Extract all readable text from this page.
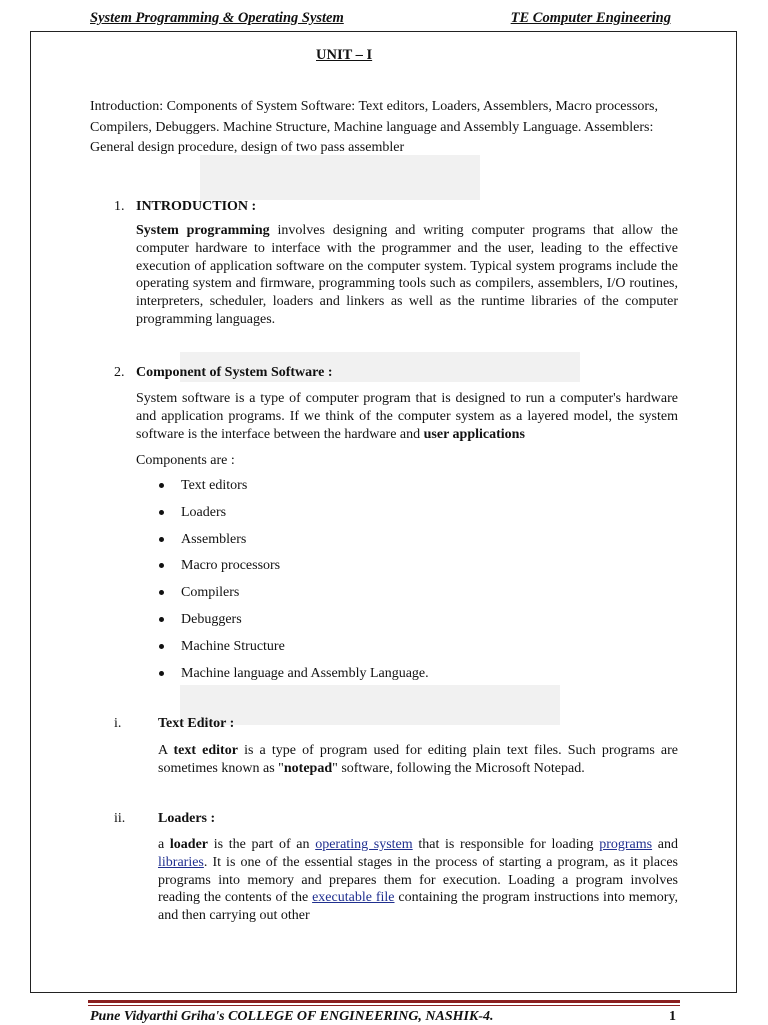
System Programming & Operating System	TE Computer Engineering
UNIT – I
Introduction: Components of System Software: Text editors, Loaders, Assemblers, Macro processors, Compilers, Debuggers. Machine Structure, Machine language and Assembly Language. Assemblers: General design procedure, design of two pass assembler
1. INTRODUCTION :
System programming involves designing and writing computer programs that allow the computer hardware to interface with the programmer and the user, leading to the effective execution of application software on the computer system. Typical system programs include the operating system and firmware, programming tools such as compilers, assemblers, I/O routines, interpreters, scheduler, loaders and linkers as well as the runtime libraries of the computer programming languages.
2. Component of System Software :
System software is a type of computer program that is designed to run a computer's hardware and application programs. If we think of the computer system as a layered model, the system software is the interface between the hardware and user applications
Components are :
Text editors
Loaders
Assemblers
Macro processors
Compilers
Debuggers
Machine Structure
Machine language and Assembly Language.
i.	Text Editor :
A text editor is a type of program used for editing plain text files. Such programs are sometimes known as "notepad" software, following the Microsoft Notepad.
ii. Loaders :
a loader is the part of an operating system that is responsible for loading programs and libraries. It is one of the essential stages in the process of starting a program, as it places programs into memory and prepares them for execution. Loading a program involves reading the contents of the executable file containing the program instructions into memory, and then carrying out other
Pune Vidyarthi Griha's COLLEGE OF ENGINEERING, NASHIK-4.	1
